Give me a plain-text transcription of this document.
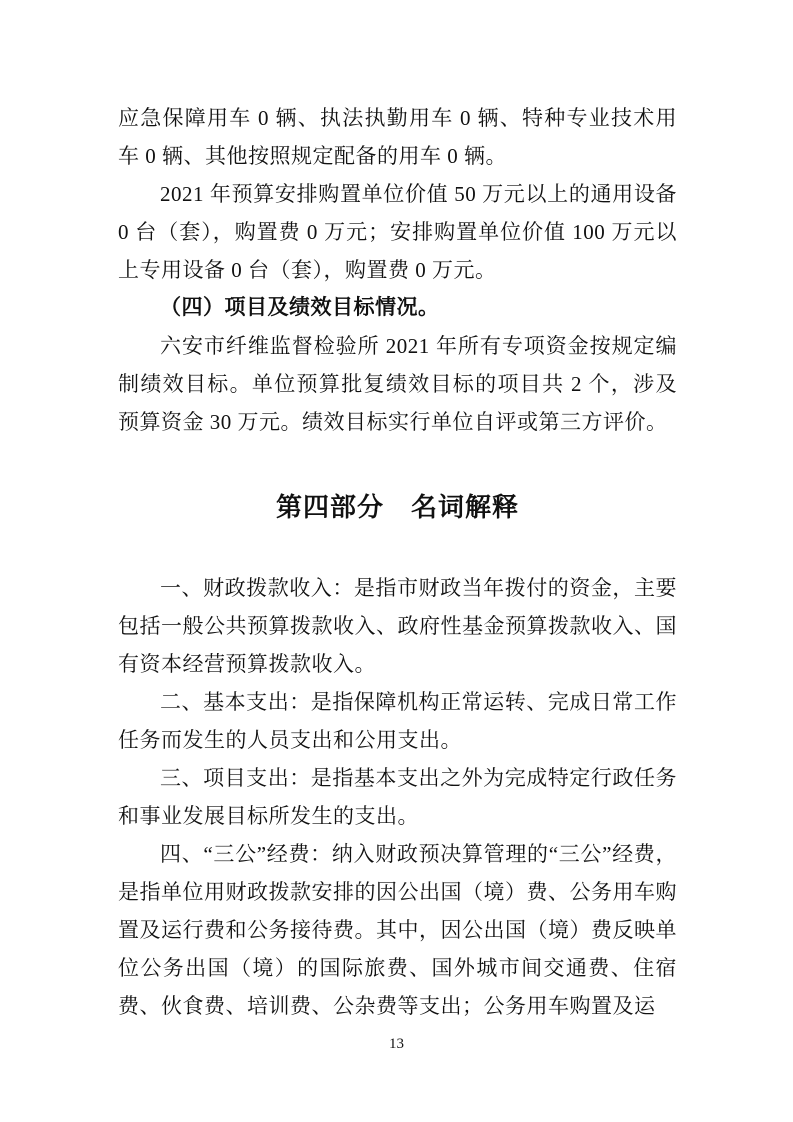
应急保障用车 0 辆、执法执勤用车 0 辆、特种专业技术用车 0 辆、其他按照规定配备的用车 0 辆。

2021 年预算安排购置单位价值 50 万元以上的通用设备 0 台（套），购置费 0 万元；安排购置单位价值 100 万元以上专用设备 0 台（套），购置费 0 万元。

（四）项目及绩效目标情况。

六安市纤维监督检验所 2021 年所有专项资金按规定编制绩效目标。单位预算批复绩效目标的项目共 2 个，涉及预算资金 30 万元。绩效目标实行单位自评或第三方评价。

第四部分　名词解释

一、财政拨款收入：是指市财政当年拨付的资金，主要包括一般公共预算拨款收入、政府性基金预算拨款收入、国有资本经营预算拨款收入。

二、基本支出：是指保障机构正常运转、完成日常工作任务而发生的人员支出和公用支出。

三、项目支出：是指基本支出之外为完成特定行政任务和事业发展目标所发生的支出。

四、“三公”经费：纳入财政预决算管理的“三公”经费，是指单位用财政拨款安排的因公出国（境）费、公务用车购置及运行费和公务接待费。其中，因公出国（境）费反映单位公务出国（境）的国际旅费、国外城市间交通费、住宿费、伙食费、培训费、公杂费等支出；公务用车购置及运

13
